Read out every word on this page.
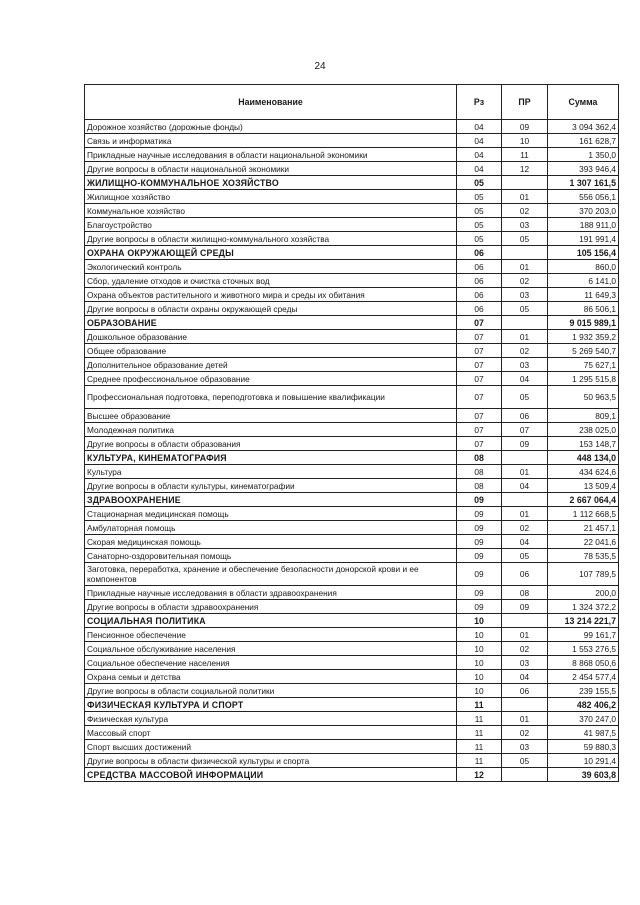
24
Наименование	Рз	ПР	Сумма
Дорожное хозяйство (дорожные фонды)	04	09	3 094 362,4
Связь и информатика	04	10	161 628,7
Прикладные научные исследования в области национальной экономики	04	11	1 350,0
Другие вопросы в области национальной экономики	04	12	393 946,4
ЖИЛИЩНО-КОММУНАЛЬНОЕ ХОЗЯЙСТВО	05		1 307 161,5
Жилищное хозяйство	05	01	556 056,1
Коммунальное хозяйство	05	02	370 203,0
Благоустройство	05	03	188 911,0
Другие вопросы в области жилищно-коммунального хозяйства	05	05	191 991,4
ОХРАНА ОКРУЖАЮЩЕЙ СРЕДЫ	06		105 156,4
Экологический контроль	06	01	860,0
Сбор, удаление отходов и очистка сточных вод	06	02	6 141,0
Охрана объектов растительного и животного мира и среды их обитания	06	03	11 649,3
Другие вопросы в области охраны окружающей среды	06	05	86 506,1
ОБРАЗОВАНИЕ	07		9 015 989,1
Дошкольное образование	07	01	1 932 359,2
Общее образование	07	02	5 269 540,7
Дополнительное образование детей	07	03	75 627,1
Среднее профессиональное образование	07	04	1 295 515,8
Профессиональная подготовка, переподготовка и повышение квалификации	07	05	50 963,5
Высшее образование	07	06	809,1
Молодежная политика	07	07	238 025,0
Другие вопросы в области образования	07	09	153 148,7
КУЛЬТУРА, КИНЕМАТОГРАФИЯ	08		448 134,0
Культура	08	01	434 624,6
Другие вопросы в области культуры, кинематографии	08	04	13 509,4
ЗДРАВООХРАНЕНИЕ	09		2 667 064,4
Стационарная медицинская помощь	09	01	1 112 668,5
Амбулаторная помощь	09	02	21 457,1
Скорая медицинская помощь	09	04	22 041,6
Санаторно-оздоровительная помощь	09	05	78 535,5
Заготовка, переработка, хранение и обеспечение безопасности донорской крови и ее компонентов	09	06	107 789,5
Прикладные научные исследования в области здравоохранения	09	08	200,0
Другие вопросы в области здравоохранения	09	09	1 324 372,2
СОЦИАЛЬНАЯ ПОЛИТИКА	10		13 214 221,7
Пенсионное обеспечение	10	01	99 161,7
Социальное обслуживание населения	10	02	1 553 276,5
Социальное обеспечение населения	10	03	8 868 050,6
Охрана семьи и детства	10	04	2 454 577,4
Другие вопросы в области социальной политики	10	06	239 155,5
ФИЗИЧЕСКАЯ КУЛЬТУРА И СПОРТ	11		482 406,2
Физическая культура	11	01	370 247,0
Массовый спорт	11	02	41 987,5
Спорт высших достижений	11	03	59 880,3
Другие вопросы в области физической культуры и спорта	11	05	10 291,4
СРЕДСТВА МАССОВОЙ ИНФОРМАЦИИ	12		39 603,8
